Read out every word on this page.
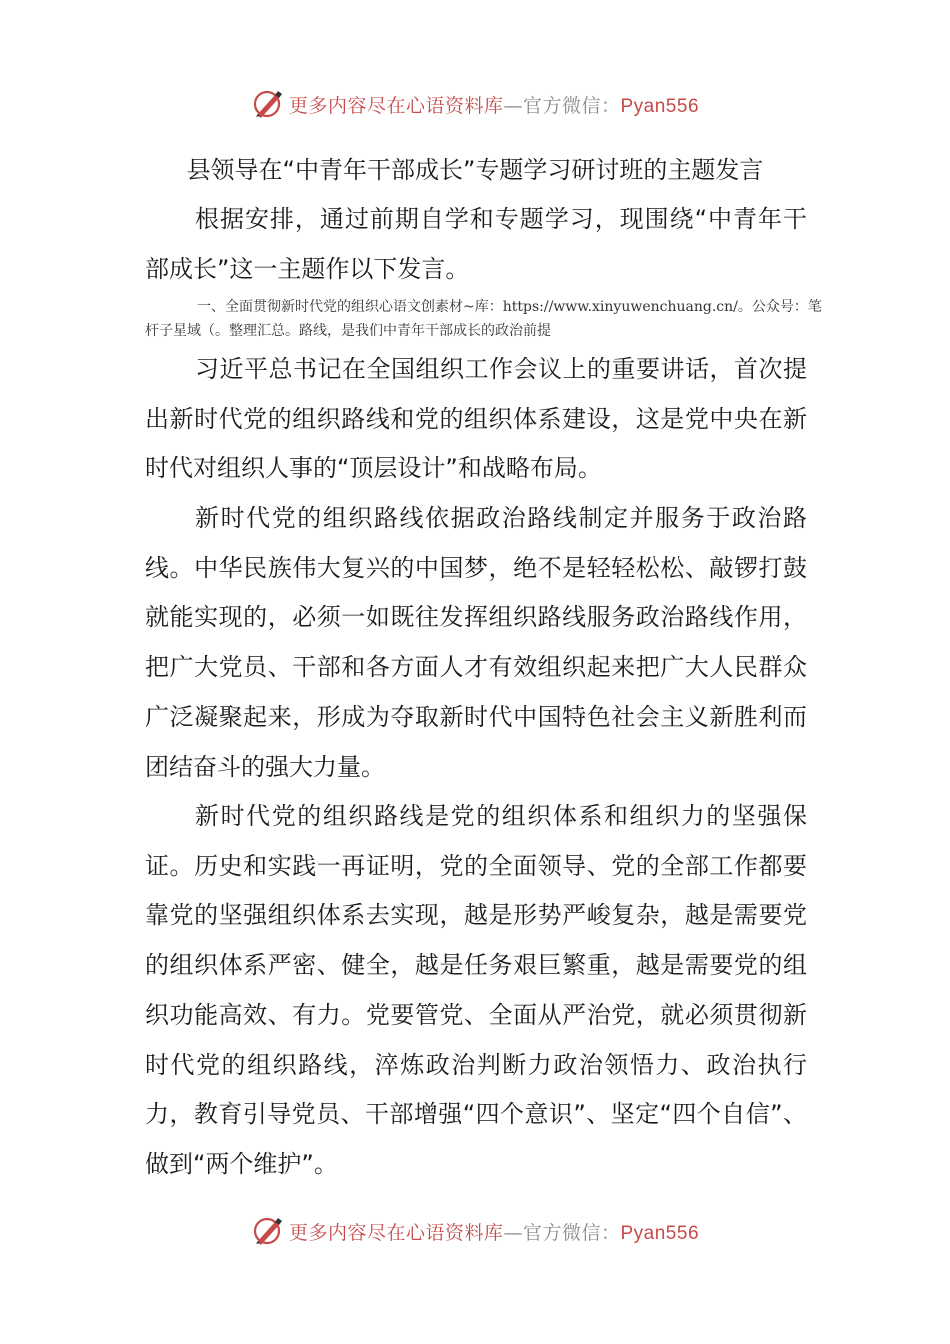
更多内容尽在心语资料库—官方微信：Pyan556
县领导在“中青年干部成长”专题学习研讨班的主题发言

根据安排，通过前期自学和专题学习，现围绕“中青年干部成长”这一主题作以下发言。

一、全面贯彻新时代党的组织心语文创素材~库：https://www.xinyuwenchuang.cn/。公众号：笔杆子星域（。整理汇总。路线，是我们中青年干部成长的政治前提

习近平总书记在全国组织工作会议上的重要讲话，首次提出新时代党的组织路线和党的组织体系建设，这是党中央在新时代对组织人事的“顶层设计”和战略布局。

新时代党的组织路线依据政治路线制定并服务于政治路线。中华民族伟大复兴的中国梦，绝不是轻轻松松、敲锣打鼓就能实现的，必须一如既往发挥组织路线服务政治路线作用，把广大党员、干部和各方面人才有效组织起来把广大人民群众广泛凝聚起来，形成为夺取新时代中国特色社会主义新胜利而团结奋斗的强大力量。

新时代党的组织路线是党的组织体系和组织力的坚强保证。历史和实践一再证明，党的全面领导、党的全部工作都要靠党的坚强组织体系去实现，越是形势严峻复杂，越是需要党的组织体系严密、健全，越是任务艰巨繁重，越是需要党的组织功能高效、有力。党要管党、全面从严治党，就必须贯彻新时代党的组织路线，淬炼政治判断力政治领悟力、政治执行力，教育引导党员、干部增强“四个意识”、坚定“四个自信”、做到“两个维护”。

更多内容尽在心语资料库—官方微信：Pyan556
